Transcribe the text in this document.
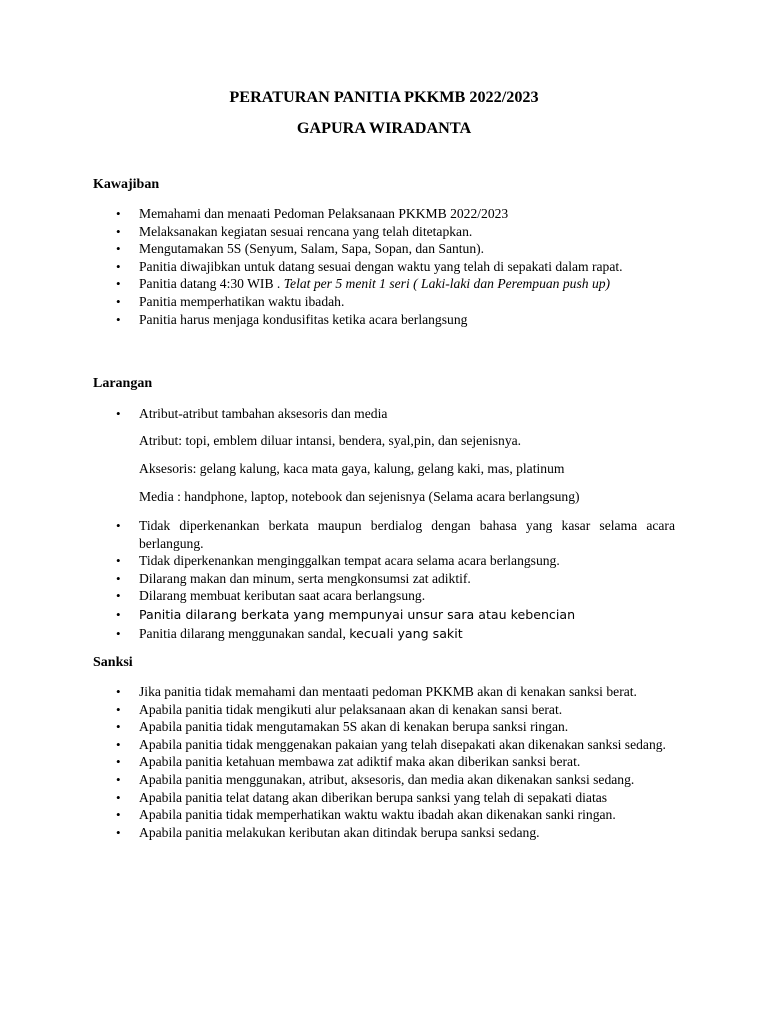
PERATURAN PANITIA PKKMB 2022/2023
GAPURA WIRADANTA
Kawajiban
• Memahami dan menaati Pedoman Pelaksanaan PKKMB 2022/2023
• Melaksanakan kegiatan sesuai rencana yang telah ditetapkan.
• Mengutamakan 5S (Senyum, Salam, Sapa, Sopan, dan Santun).
• Panitia diwajibkan untuk datang sesuai dengan waktu yang telah di sepakati dalam rapat.
• Panitia datang 4:30 WIB . Telat per 5 menit 1 seri ( Laki-laki dan Perempuan push up)
• Panitia memperhatikan waktu ibadah.
• Panitia harus menjaga kondusifitas ketika acara berlangsung
Larangan
• Atribut-atribut tambahan aksesoris dan media
Atribut: topi, emblem diluar intansi, bendera, syal,pin, dan sejenisnya.
Aksesoris: gelang kalung, kaca mata gaya, kalung, gelang kaki, mas, platinum
Media : handphone, laptop, notebook dan sejenisnya (Selama acara berlangsung)
• Tidak diperkenankan berkata maupun berdialog dengan bahasa yang kasar selama acara berlangung.
• Tidak diperkenankan menginggalkan tempat acara selama acara berlangsung.
• Dilarang makan dan minum, serta mengkonsumsi zat adiktif.
• Dilarang membuat keributan saat acara berlangsung.
• Panitia dilarang berkata yang mempunyai unsur sara atau kebencian
• Panitia dilarang menggunakan sandal, kecuali yang sakit
Sanksi
• Jika panitia tidak memahami dan mentaati pedoman PKKMB akan di kenakan sanksi berat.
• Apabila panitia tidak mengikuti alur pelaksanaan akan di kenakan sansi berat.
• Apabila panitia tidak mengutamakan 5S akan di kenakan berupa sanksi ringan.
• Apabila panitia tidak menggenakan pakaian yang telah disepakati akan dikenakan sanksi sedang.
• Apabila panitia ketahuan membawa zat adiktif maka akan diberikan sanksi berat.
• Apabila panitia menggunakan, atribut, aksesoris, dan media akan dikenakan sanksi sedang.
• Apabila panitia telat datang akan diberikan berupa sanksi yang telah di sepakati diatas
• Apabila panitia tidak memperhatikan waktu waktu ibadah akan dikenakan sanki ringan.
• Apabila panitia melakukan keributan akan ditindak berupa sanksi sedang.
